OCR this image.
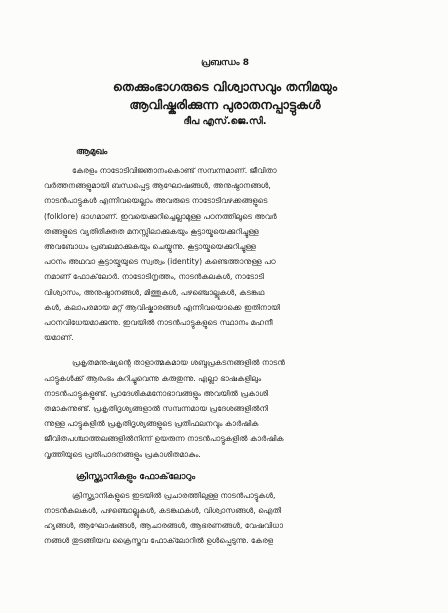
പ്രബന്ധം 8
തെക്കുംഭാഗരുടെ വിശ്വാസവും തനിമയും
ആവിഷ്കരിക്കുന്ന പുരാതനപ്പാട്ടുകൾ
ദീപ എസ്.ജെ.സി.
ആമുഖം
കേരളം നാടോടിവിജ്ഞാനംകൊണ്ട് സമ്പന്നമാണ്. ജീവിതാ
വർത്തനങ്ങളുമായി ബന്ധപ്പെട്ട ആഘോഷങ്ങൾ, അനുഷ്ഠാനങ്ങൾ,
നാടൻപാട്ടുകൾ എന്നിവയെല്ലാം അവരുടെ നാടോടിവഴക്കങ്ങളുടെ
(folklore) ഭാഗമാണ്. ഇവയെക്കുറിച്ചെല്ലാമുള്ള പഠനത്തിലൂടെ അവർ
തങ്ങളുടെ വ്യതിരിക്തത മനസ്സിലാക്കുകയും കൂട്ടായ്മയെക്കുറിച്ചുള്ള
അവബോധം പ്രബലമാക്കുകയും ചെയ്യുന്നു. കൂട്ടായ്മയെക്കുറിച്ചുള്ള
പഠനം അഥവാ കൂട്ടായ്മയുടെ സ്വത്വം (identity) കണ്ടെത്താനുള്ള പഠ
നമാണ് ഫോക്‌ലോർ. നാടോടിനൃത്തം, നാടൻകലകൾ, നാടോടി
വിശ്വാസം, അനുഷ്ഠാനങ്ങൾ, മിത്തുകൾ, പഴഞ്ചൊല്ലുകൾ, കടങ്കഥ
കൾ, കലാപരമായ മറ്റ് ആവിഷ്കാരങ്ങൾ എന്നിവയൊക്കെ ഇതിനായി
പഠനവിധേയമാക്കുന്നു. ഇവയിൽ നാടൻപാട്ടുകളുടെ സ്ഥാനം മഹനീ
യമാണ്.
പ്രകൃതമനുഷ്യന്റെ താളാത്മകമായ ശബ്ദപ്രകടനങ്ങളിൽ നാടൻ
പാട്ടുകൾക്ക് ആരംഭം കുറിച്ചുവെന്നു കരുതുന്നു. എല്ലാ ഭാഷകളിലും
നാടൻപാട്ടുകളുണ്ട്. പ്രാദേശികമനോഭാവങ്ങളും അവയിൽ പ്രകാശി
തമാകുന്നുണ്ട്. പ്രകൃതിദൃശ്യങ്ങളാൽ സമ്പന്നമായ പ്രദേശങ്ങളിൽനി
ന്നുള്ള പാട്ടുകളിൽ പ്രകൃതിദൃശ്യങ്ങളുടെ പ്രതിഫലനവും കാർഷിക
ജീവിതപശ്ചാത്തലങ്ങളിൽനിന്ന് ഉയരുന്ന നാടൻപാട്ടുകളിൽ കാർഷിക
വൃത്തിയുടെ പ്രതിപാദനങ്ങളും പ്രകാശിതമാകും.
ക്രിസ്ത്യാനികളും ഫോക്‌ലോറും
ക്രിസ്ത്യാനികളുടെ ഇടയിൽ പ്രചാരത്തിലുള്ള നാടൻപാട്ടുകൾ,
നാടൻകലകൾ, പഴഞ്ചൊല്ലുകൾ, കടങ്കഥകൾ, വിശ്വാസങ്ങൾ, ഐതി
ഹ്യങ്ങൾ, ആഘോഷങ്ങൾ, ആചാരങ്ങൾ, ആഭരണങ്ങൾ, വേഷവിധാ
നങ്ങൾ തുടങ്ങിയവ ക്രൈസ്തവ ഫോക്‌ലോറിൽ ഉൾപ്പെടുന്നു. കേരള
